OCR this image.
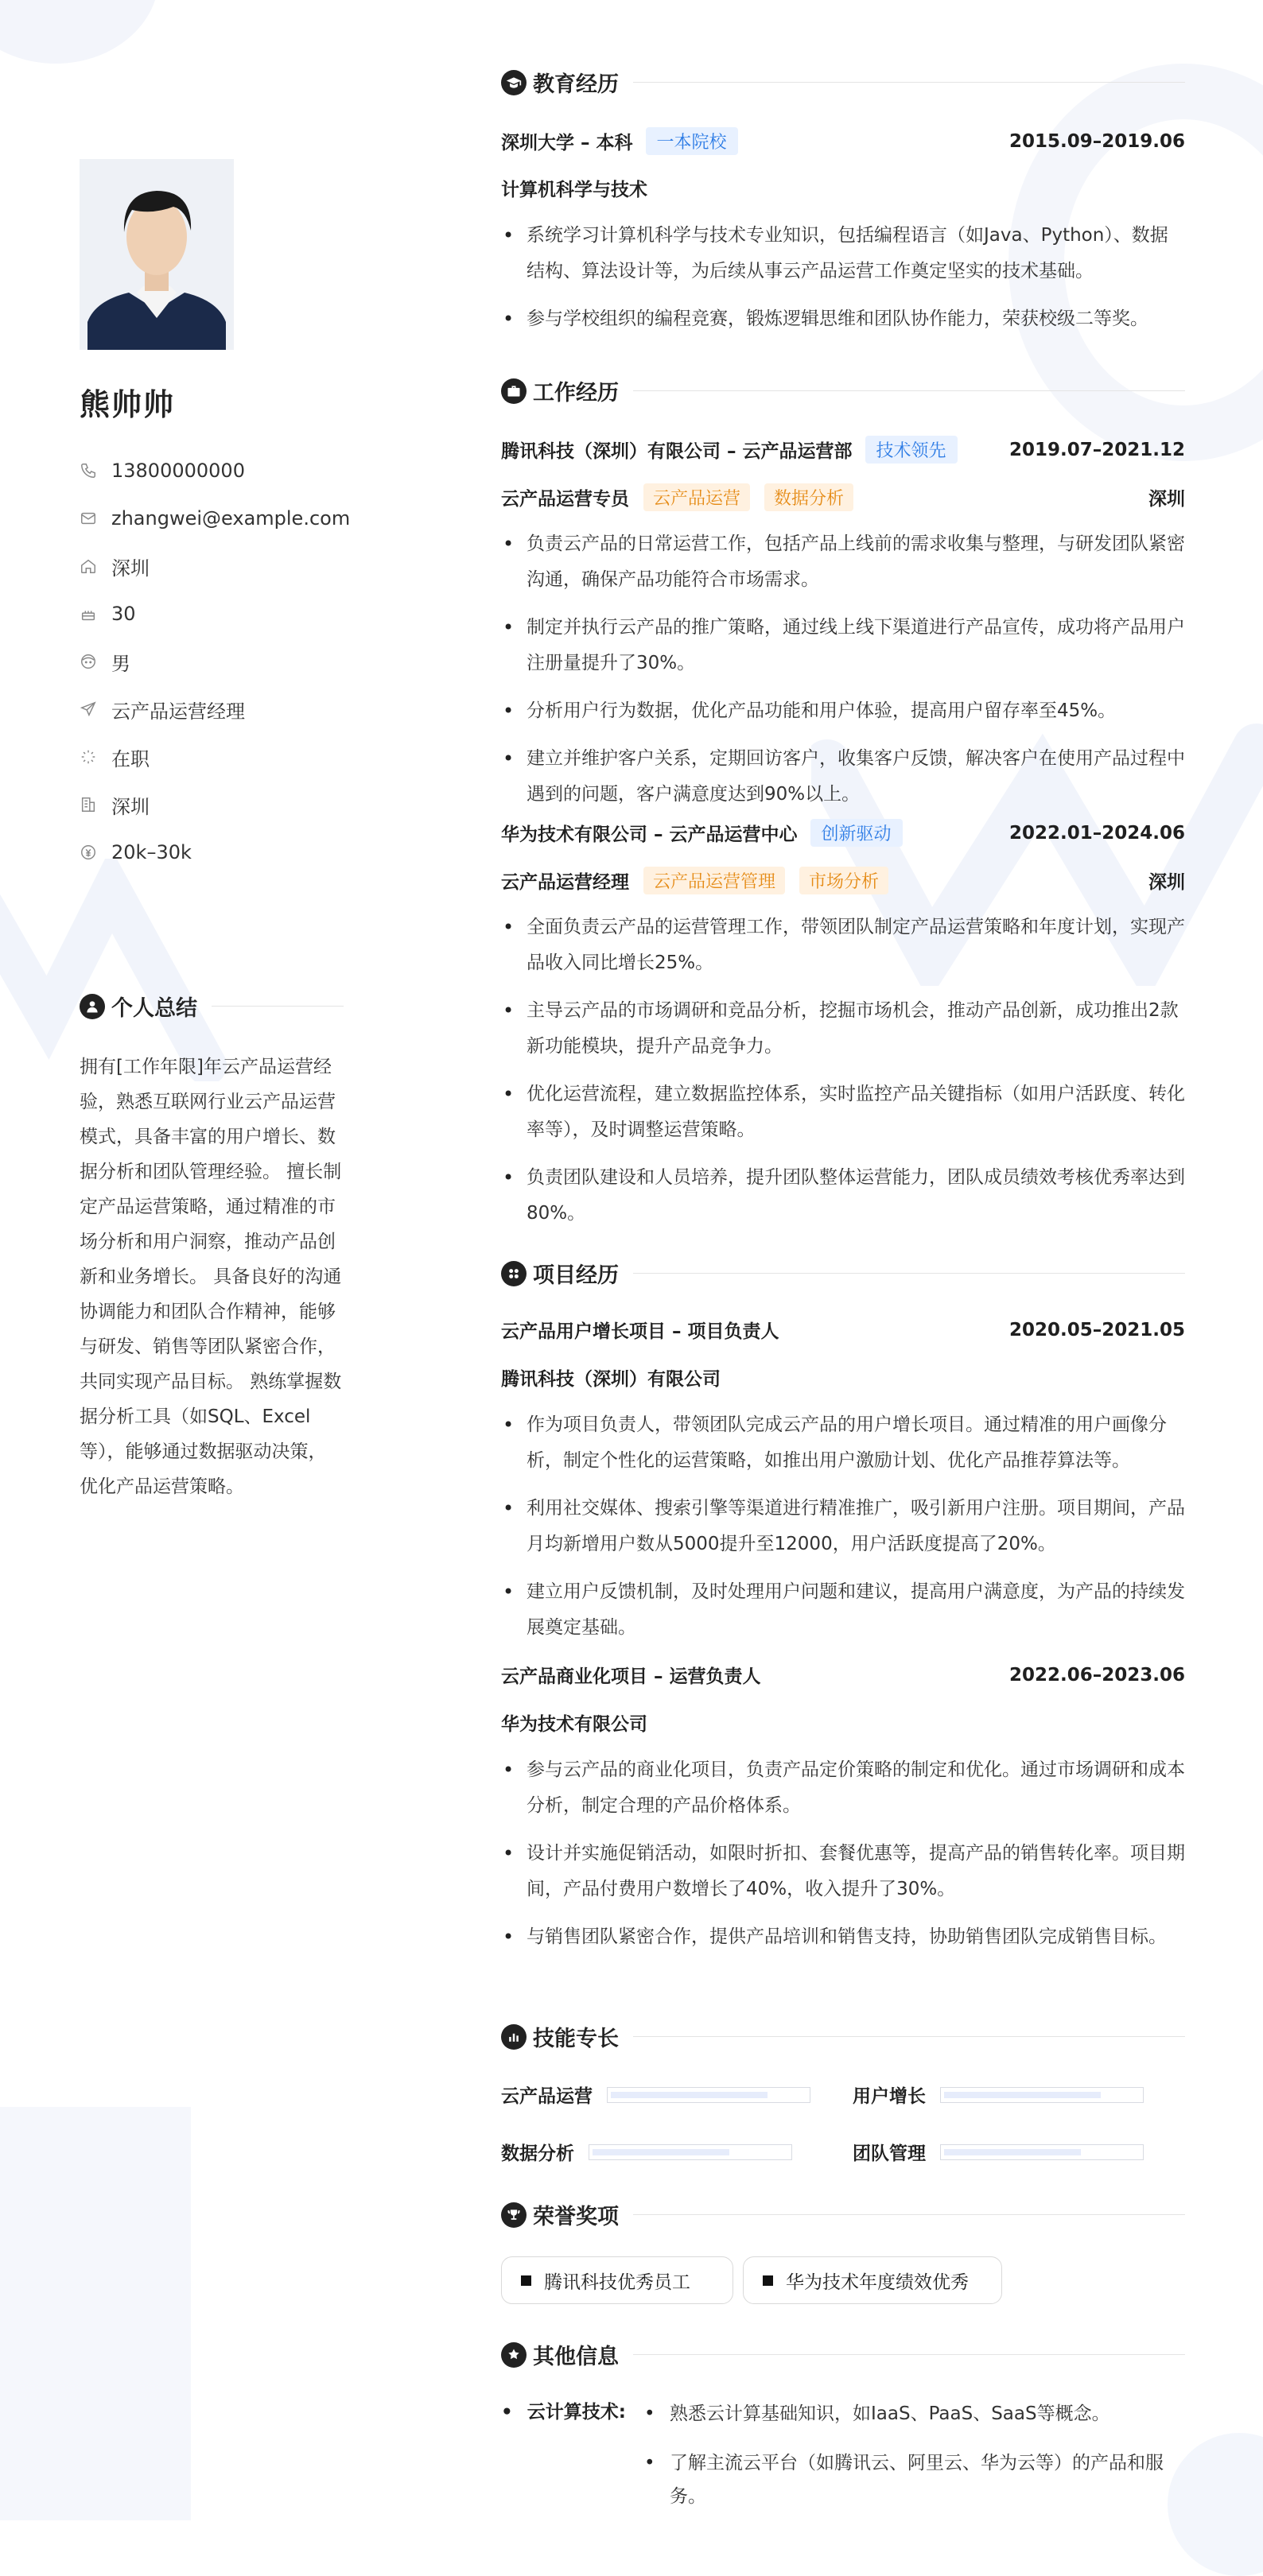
熊帅帅
13800000000
zhangwei@example.com
深圳
30
男
云产品运营经理
在职
深圳
20k–30k
个人总结
拥有[工作年限]年云产品运营经验，熟悉互联网行业云产品运营模式，具备丰富的用户增长、数据分析和团队管理经验。 擅长制定产品运营策略，通过精准的市场分析和用户洞察，推动产品创新和业务增长。 具备良好的沟通协调能力和团队合作精神，能够与研发、销售等团队紧密合作，共同实现产品目标。 熟练掌握数据分析工具（如SQL、Excel等），能够通过数据驱动决策，优化产品运营策略。
教育经历
深圳大学 – 本科	一本院校	2015.09–2019.06
计算机科学与技术
• 系统学习计算机科学与技术专业知识，包括编程语言（如Java、Python）、数据结构、算法设计等，为后续从事云产品运营工作奠定坚实的技术基础。
• 参与学校组织的编程竞赛，锻炼逻辑思维和团队协作能力，荣获校级二等奖。
工作经历
腾讯科技（深圳）有限公司 – 云产品运营部	技术领先	2019.07–2021.12
云产品运营专员	云产品运营	数据分析	深圳
• 负责云产品的日常运营工作，包括产品上线前的需求收集与整理，与研发团队紧密沟通，确保产品功能符合市场需求。
• 制定并执行云产品的推广策略，通过线上线下渠道进行产品宣传，成功将产品用户注册量提升了30%。
• 分析用户行为数据，优化产品功能和用户体验，提高用户留存率至45%。
• 建立并维护客户关系，定期回访客户，收集客户反馈，解决客户在使用产品过程中遇到的问题，客户满意度达到90%以上。
华为技术有限公司 – 云产品运营中心	创新驱动	2022.01–2024.06
云产品运营经理	云产品运营管理	市场分析	深圳
• 全面负责云产品的运营管理工作，带领团队制定产品运营策略和年度计划，实现产品收入同比增长25%。
• 主导云产品的市场调研和竞品分析，挖掘市场机会，推动产品创新，成功推出2款新功能模块，提升产品竞争力。
• 优化运营流程，建立数据监控体系，实时监控产品关键指标（如用户活跃度、转化率等），及时调整运营策略。
• 负责团队建设和人员培养，提升团队整体运营能力，团队成员绩效考核优秀率达到80%。
项目经历
云产品用户增长项目 – 项目负责人	2020.05–2021.05
腾讯科技（深圳）有限公司
• 作为项目负责人，带领团队完成云产品的用户增长项目。通过精准的用户画像分析，制定个性化的运营策略，如推出用户激励计划、优化产品推荐算法等。
• 利用社交媒体、搜索引擎等渠道进行精准推广，吸引新用户注册。项目期间，产品月均新增用户数从5000提升至12000，用户活跃度提高了20%。
• 建立用户反馈机制，及时处理用户问题和建议，提高用户满意度，为产品的持续发展奠定基础。
云产品商业化项目 – 运营负责人	2022.06–2023.06
华为技术有限公司
• 参与云产品的商业化项目，负责产品定价策略的制定和优化。通过市场调研和成本分析，制定合理的产品价格体系。
• 设计并实施促销活动，如限时折扣、套餐优惠等，提高产品的销售转化率。项目期间，产品付费用户数增长了40%，收入提升了30%。
• 与销售团队紧密合作，提供产品培训和销售支持，协助销售团队完成销售目标。
技能专长
云产品运营	用户增长
数据分析	团队管理
荣誉奖项
腾讯科技优秀员工	华为技术年度绩效优秀
其他信息
• 云计算技术:
•	熟悉云计算基础知识，如IaaS、PaaS、SaaS等概念。
• 了解主流云平台（如腾讯云、阿里云、华为云等）的产品和服务。
